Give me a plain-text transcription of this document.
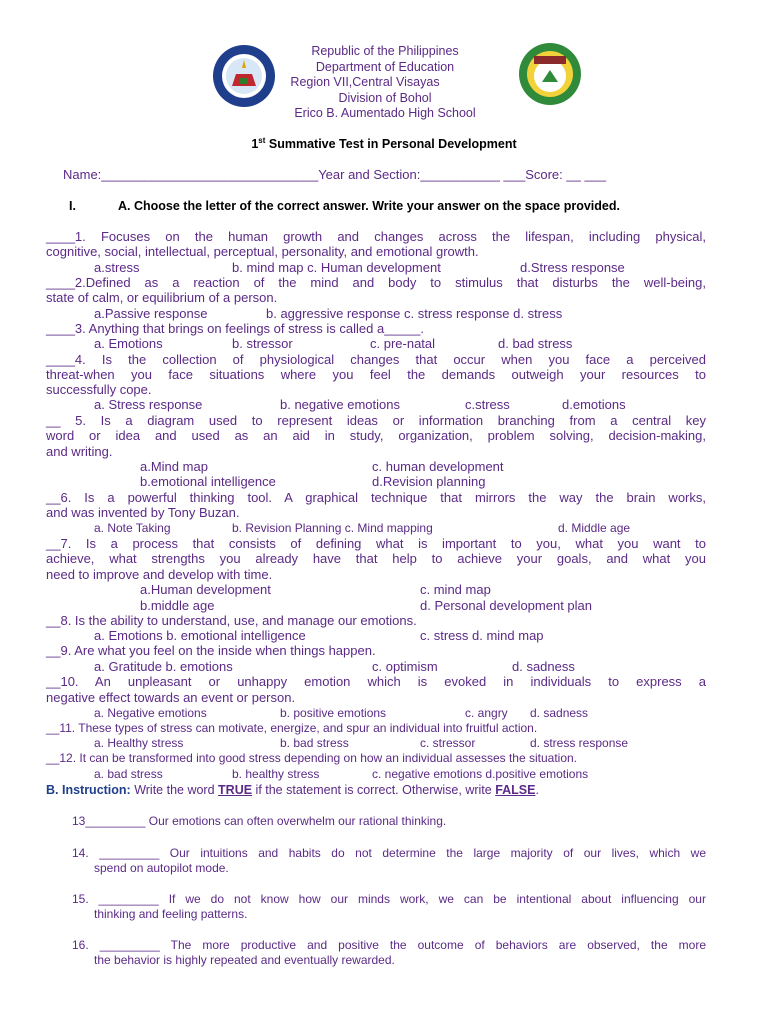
Republic of the Philippines
Department of Education
Region VII,Central Visayas
Division of Bohol
Erico B. Aumentado High School
1st Summative Test in Personal Development
Name:______________________________Year and Section:___________ ___Score: __ ___
I.	A. Choose the letter of the correct answer. Write your answer on the space provided.
____1. Focuses on the human growth and changes across the lifespan, including physical,
cognitive, social, intellectual, perceptual, personality, and emotional growth.
a.stress	b. mind map c. Human development	d.Stress response
____2.Defined as a reaction of the mind and body to stimulus that disturbs the well-being,
state of calm, or equilibrium of a person.
a.Passive response	b. aggressive response c. stress response d. stress
____3. Anything that brings on feelings of stress is called a_____.
a. Emotions	b. stressor	c. pre-natal	d. bad stress
____4. Is the collection of physiological changes that occur when you face a perceived
threat-when you face situations where you feel the demands outweigh your resources to
successfully cope.
a. Stress response	b. negative emotions	c.stress	d.emotions
__ 5. Is a diagram used to represent ideas or information branching from a central key
word or idea and used as an aid in study, organization, problem solving, decision-making,
and writing.
a.Mind map	c. human development
b.emotional intelligence	d.Revision planning
__6. Is a powerful thinking tool. A graphical technique that mirrors the way the brain works,
and was invented by Tony Buzan.
a. Note Taking	b. Revision Planning c. Mind mapping	d. Middle age
__7. Is a process that consists of defining what is important to you, what you want to
achieve, what strengths you already have that help to achieve your goals, and what you
need to improve and develop with time.
a.Human development	c. mind map
b.middle age	d. Personal development plan
__8. Is the ability to understand, use, and manage our emotions.
a. Emotions b. emotional intelligence	c. stress d. mind map
__9. Are what you feel on the inside when things happen.
a. Gratitude b. emotions	c. optimism	d. sadness
__10. An unpleasant or unhappy emotion which is evoked in individuals to express a
negative effect towards an event or person.
a. Negative emotions	b. positive emotions	c. angry d. sadness
__11. These types of stress can motivate, energize, and spur an individual into fruitful action.
a. Healthy stress	b. bad stress	c. stressor	d. stress response
__12. It can be transformed into good stress depending on how an individual assesses the situation.
a. bad stress	b. healthy stress	c. negative emotions d.positive emotions
B. Instruction: Write the word TRUE if the statement is correct. Otherwise, write FALSE.
13_________ Our emotions can often overwhelm our rational thinking.
14. _________ Our intuitions and habits do not determine the large majority of our lives, which we
spend on autopilot mode.
15. _________ If we do not know how our minds work, we can be intentional about influencing our
thinking and feeling patterns.
16. _________ The more productive and positive the outcome of behaviors are observed, the more
the behavior is highly repeated and eventually rewarded.
